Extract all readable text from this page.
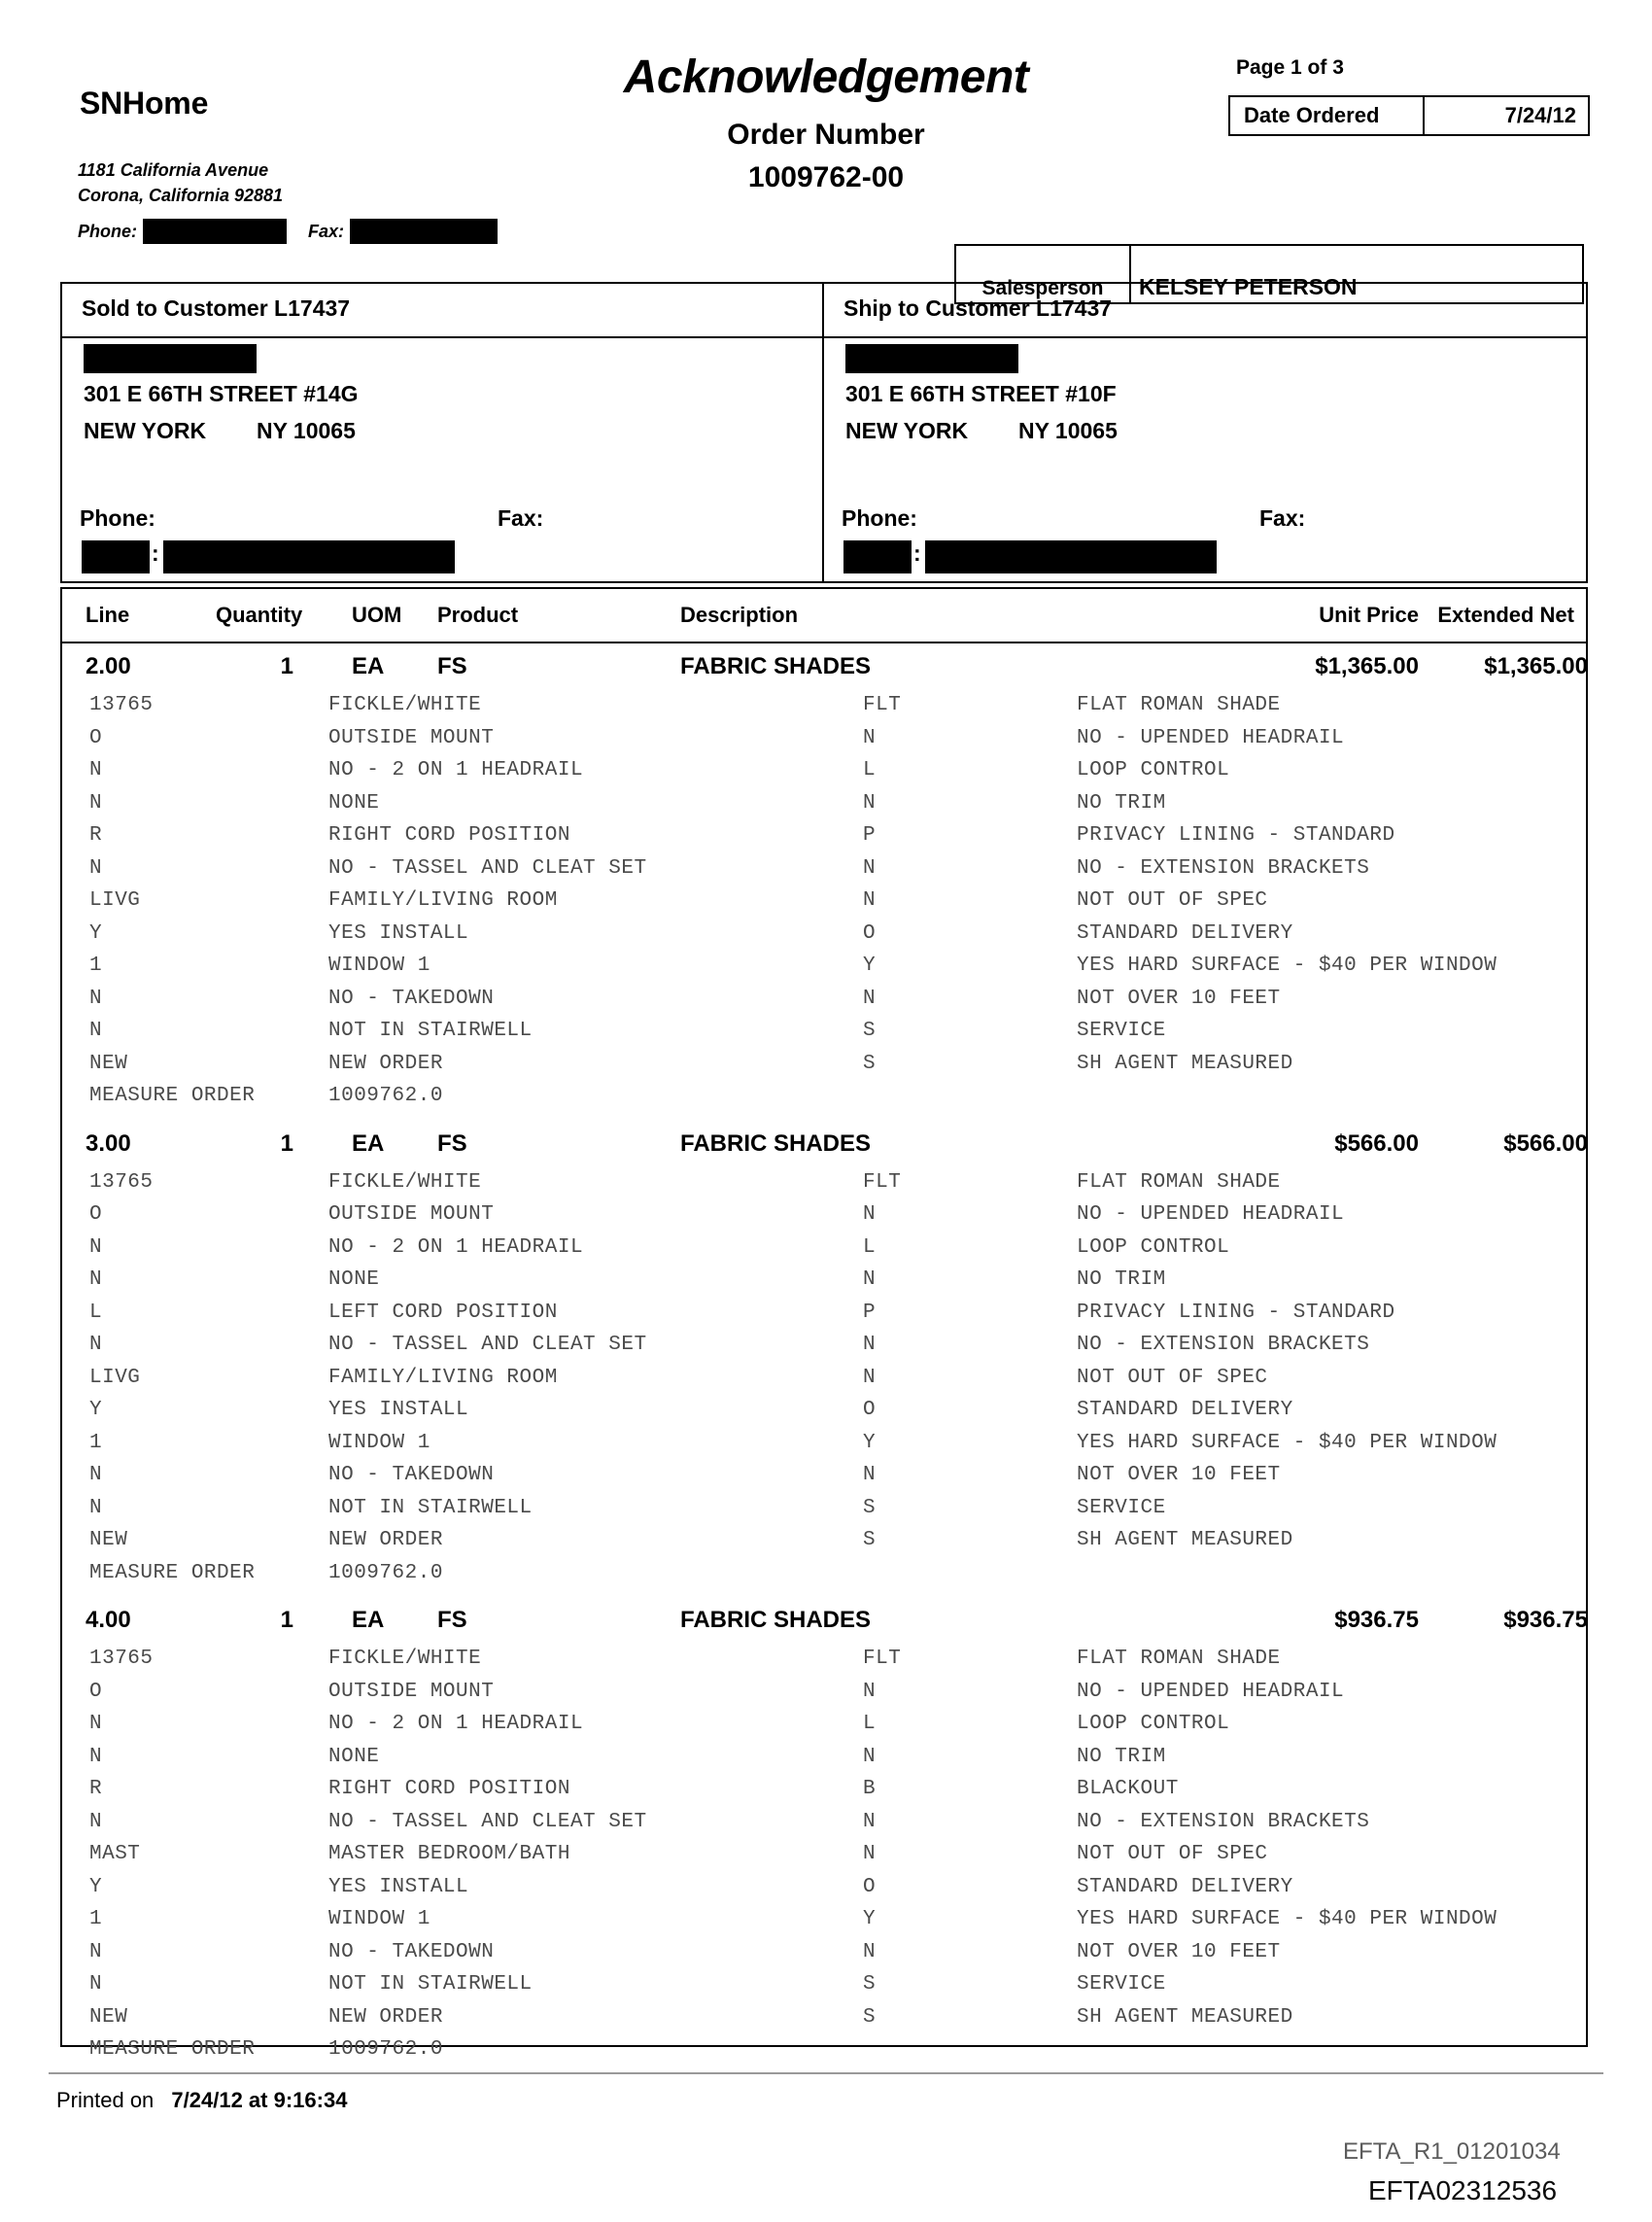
SNHome
1181 California Avenue
Corona, California 92881
Phone:	Fax:
Acknowledgement
Order Number
1009762-00
Page 1 of 3
Date Ordered	7/24/12
Salesperson	KELSEY PETERSON
Sold to Customer L17437
301 E 66TH STREET #14G
NEW YORK NY 10065
Phone:	Fax:
:
Ship to Customer L17437
301 E 66TH STREET #10F
NEW YORK NY 10065
Phone:	Fax:
:
Line	Quantity UOM Product	Description	Unit Price Extended Net
2.00	1	EA FS	FABRIC SHADES	$1,365.00	$1,365.00
13765	FICKLE/WHITE	FLT	FLAT ROMAN SHADE
O	OUTSIDE MOUNT	N	NO - UPENDED HEADRAIL
N	NO - 2 ON 1 HEADRAIL	L	LOOP CONTROL
N	NONE	N	NO TRIM
R	RIGHT CORD POSITION	P	PRIVACY LINING - STANDARD
N	NO - TASSEL AND CLEAT SET	N	NO - EXTENSION BRACKETS
LIVG	FAMILY/LIVING ROOM	N	NOT OUT OF SPEC
Y	YES INSTALL	O	STANDARD DELIVERY
1	WINDOW 1	Y	YES HARD SURFACE - $40 PER WINDOW
N	NO - TAKEDOWN	N	NOT OVER 10 FEET
N	NOT IN STAIRWELL	S	SERVICE
NEW	NEW ORDER	S	SH AGENT MEASURED
MEASURE ORDER	1009762.0
3.00	1	EA FS	FABRIC SHADES	$566.00	$566.00
13765	FICKLE/WHITE	FLT	FLAT ROMAN SHADE
O	OUTSIDE MOUNT	N	NO - UPENDED HEADRAIL
N	NO - 2 ON 1 HEADRAIL	L	LOOP CONTROL
N	NONE	N	NO TRIM
L	LEFT CORD POSITION	P	PRIVACY LINING - STANDARD
N	NO - TASSEL AND CLEAT SET	N	NO - EXTENSION BRACKETS
LIVG	FAMILY/LIVING ROOM	N	NOT OUT OF SPEC
Y	YES INSTALL	O	STANDARD DELIVERY
1	WINDOW 1	Y	YES HARD SURFACE - $40 PER WINDOW
N	NO - TAKEDOWN	N	NOT OVER 10 FEET
N	NOT IN STAIRWELL	S	SERVICE
NEW	NEW ORDER	S	SH AGENT MEASURED
MEASURE ORDER	1009762.0
4.00	1	EA FS	FABRIC SHADES	$936.75	$936.75
13765	FICKLE/WHITE	FLT	FLAT ROMAN SHADE
O	OUTSIDE MOUNT	N	NO - UPENDED HEADRAIL
N	NO - 2 ON 1 HEADRAIL	L	LOOP CONTROL
N	NONE	N	NO TRIM
R	RIGHT CORD POSITION	B	BLACKOUT
N	NO - TASSEL AND CLEAT SET	N	NO - EXTENSION BRACKETS
MAST	MASTER BEDROOM/BATH	N	NOT OUT OF SPEC
Y	YES INSTALL	O	STANDARD DELIVERY
1	WINDOW 1	Y	YES HARD SURFACE - $40 PER WINDOW
N	NO - TAKEDOWN	N	NOT OVER 10 FEET
N	NOT IN STAIRWELL	S	SERVICE
NEW	NEW ORDER	S	SH AGENT MEASURED
MEASURE ORDER	1009762.0
Printed on 7/24/12 at 9:16:34
EFTA_R1_01201034
EFTA02312536
